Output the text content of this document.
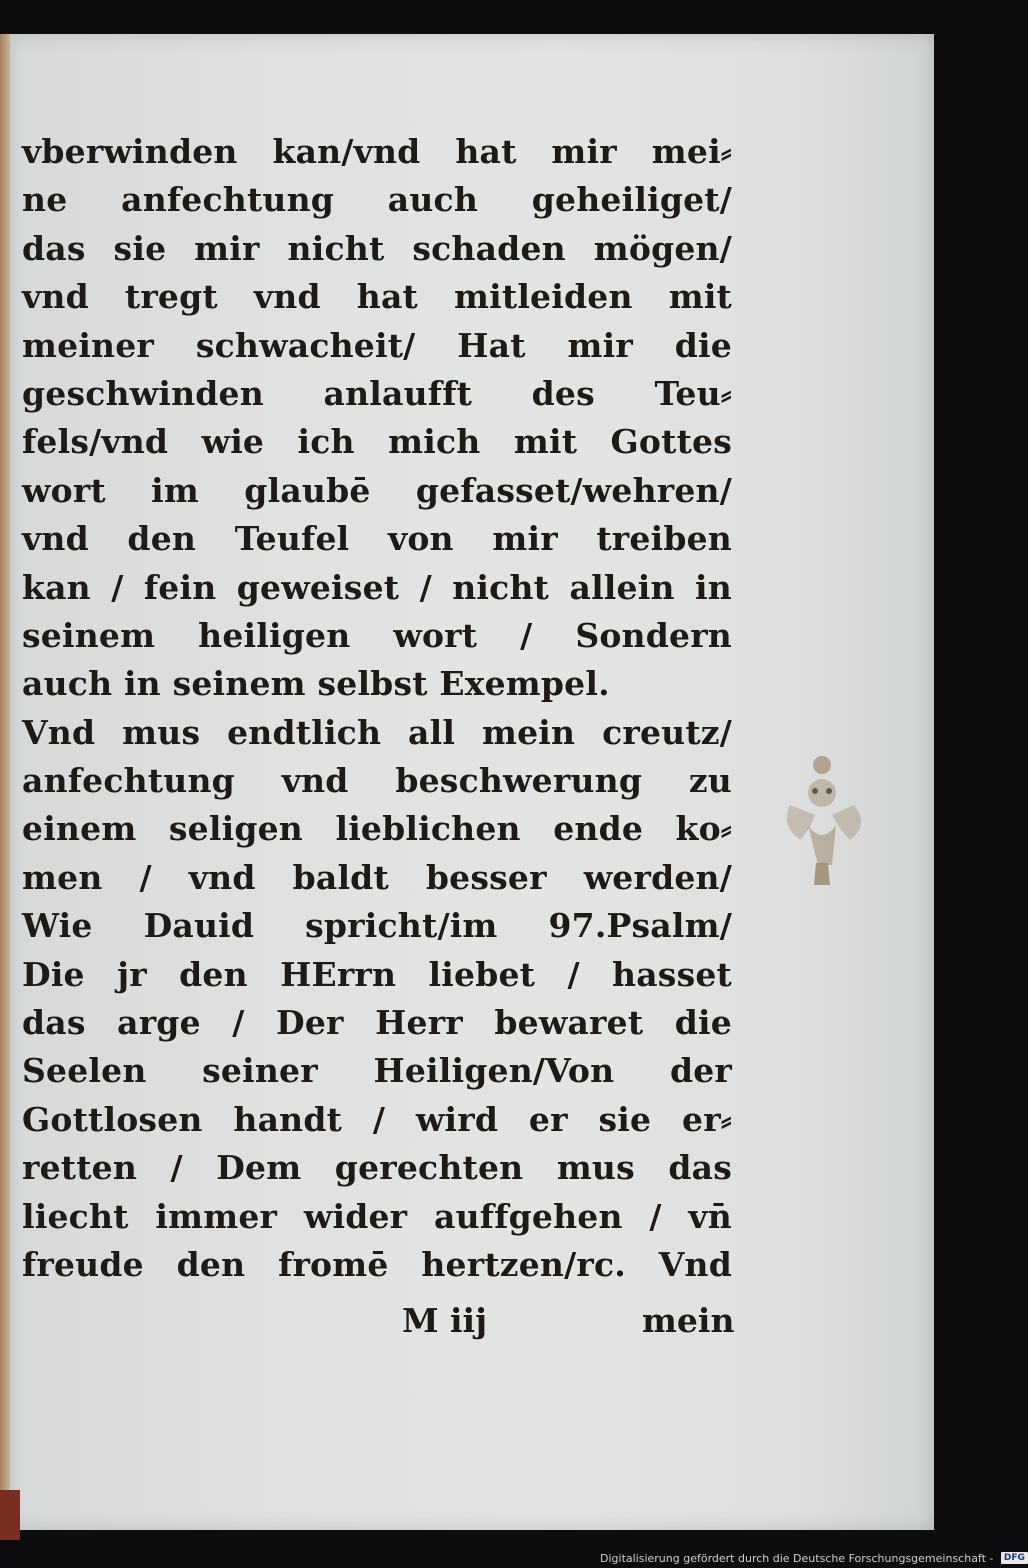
vberwinden kan/vnd hat mir mei⸗
ne anfechtung auch geheiliget/
das sie mir nicht schaden mögen/
vnd tregt vnd hat mitleiden mit
meiner schwacheit/ Hat mir die
geschwinden anlaufft des Teu⸗
fels/vnd wie ich mich mit Gottes
wort im glaubē gefasset/wehren/
vnd den Teufel von mir treiben
kan / fein geweiset / nicht allein in
seinem heiligen wort / Sondern
auch in seinem selbst Exempel.
Vnd mus endtlich all mein creutz/
anfechtung vnd beschwerung zu
einem seligen lieblichen ende ko⸗
men / vnd baldt besser werden/
Wie Dauid spricht/im 97.Psalm/
Die jr den HErrn liebet / hasset
das arge / Der Herr bewaret die
Seelen seiner Heiligen/Von der
Gottlosen handt / wird er sie er⸗
retten / Dem gerechten mus das
liecht immer wider auffgehen / vn̄
freude den fromē hertzen/rc. Vnd
M iij	mein
Digitalisierung gefördert durch die Deutsche Forschungsgemeinschaft - DFG
